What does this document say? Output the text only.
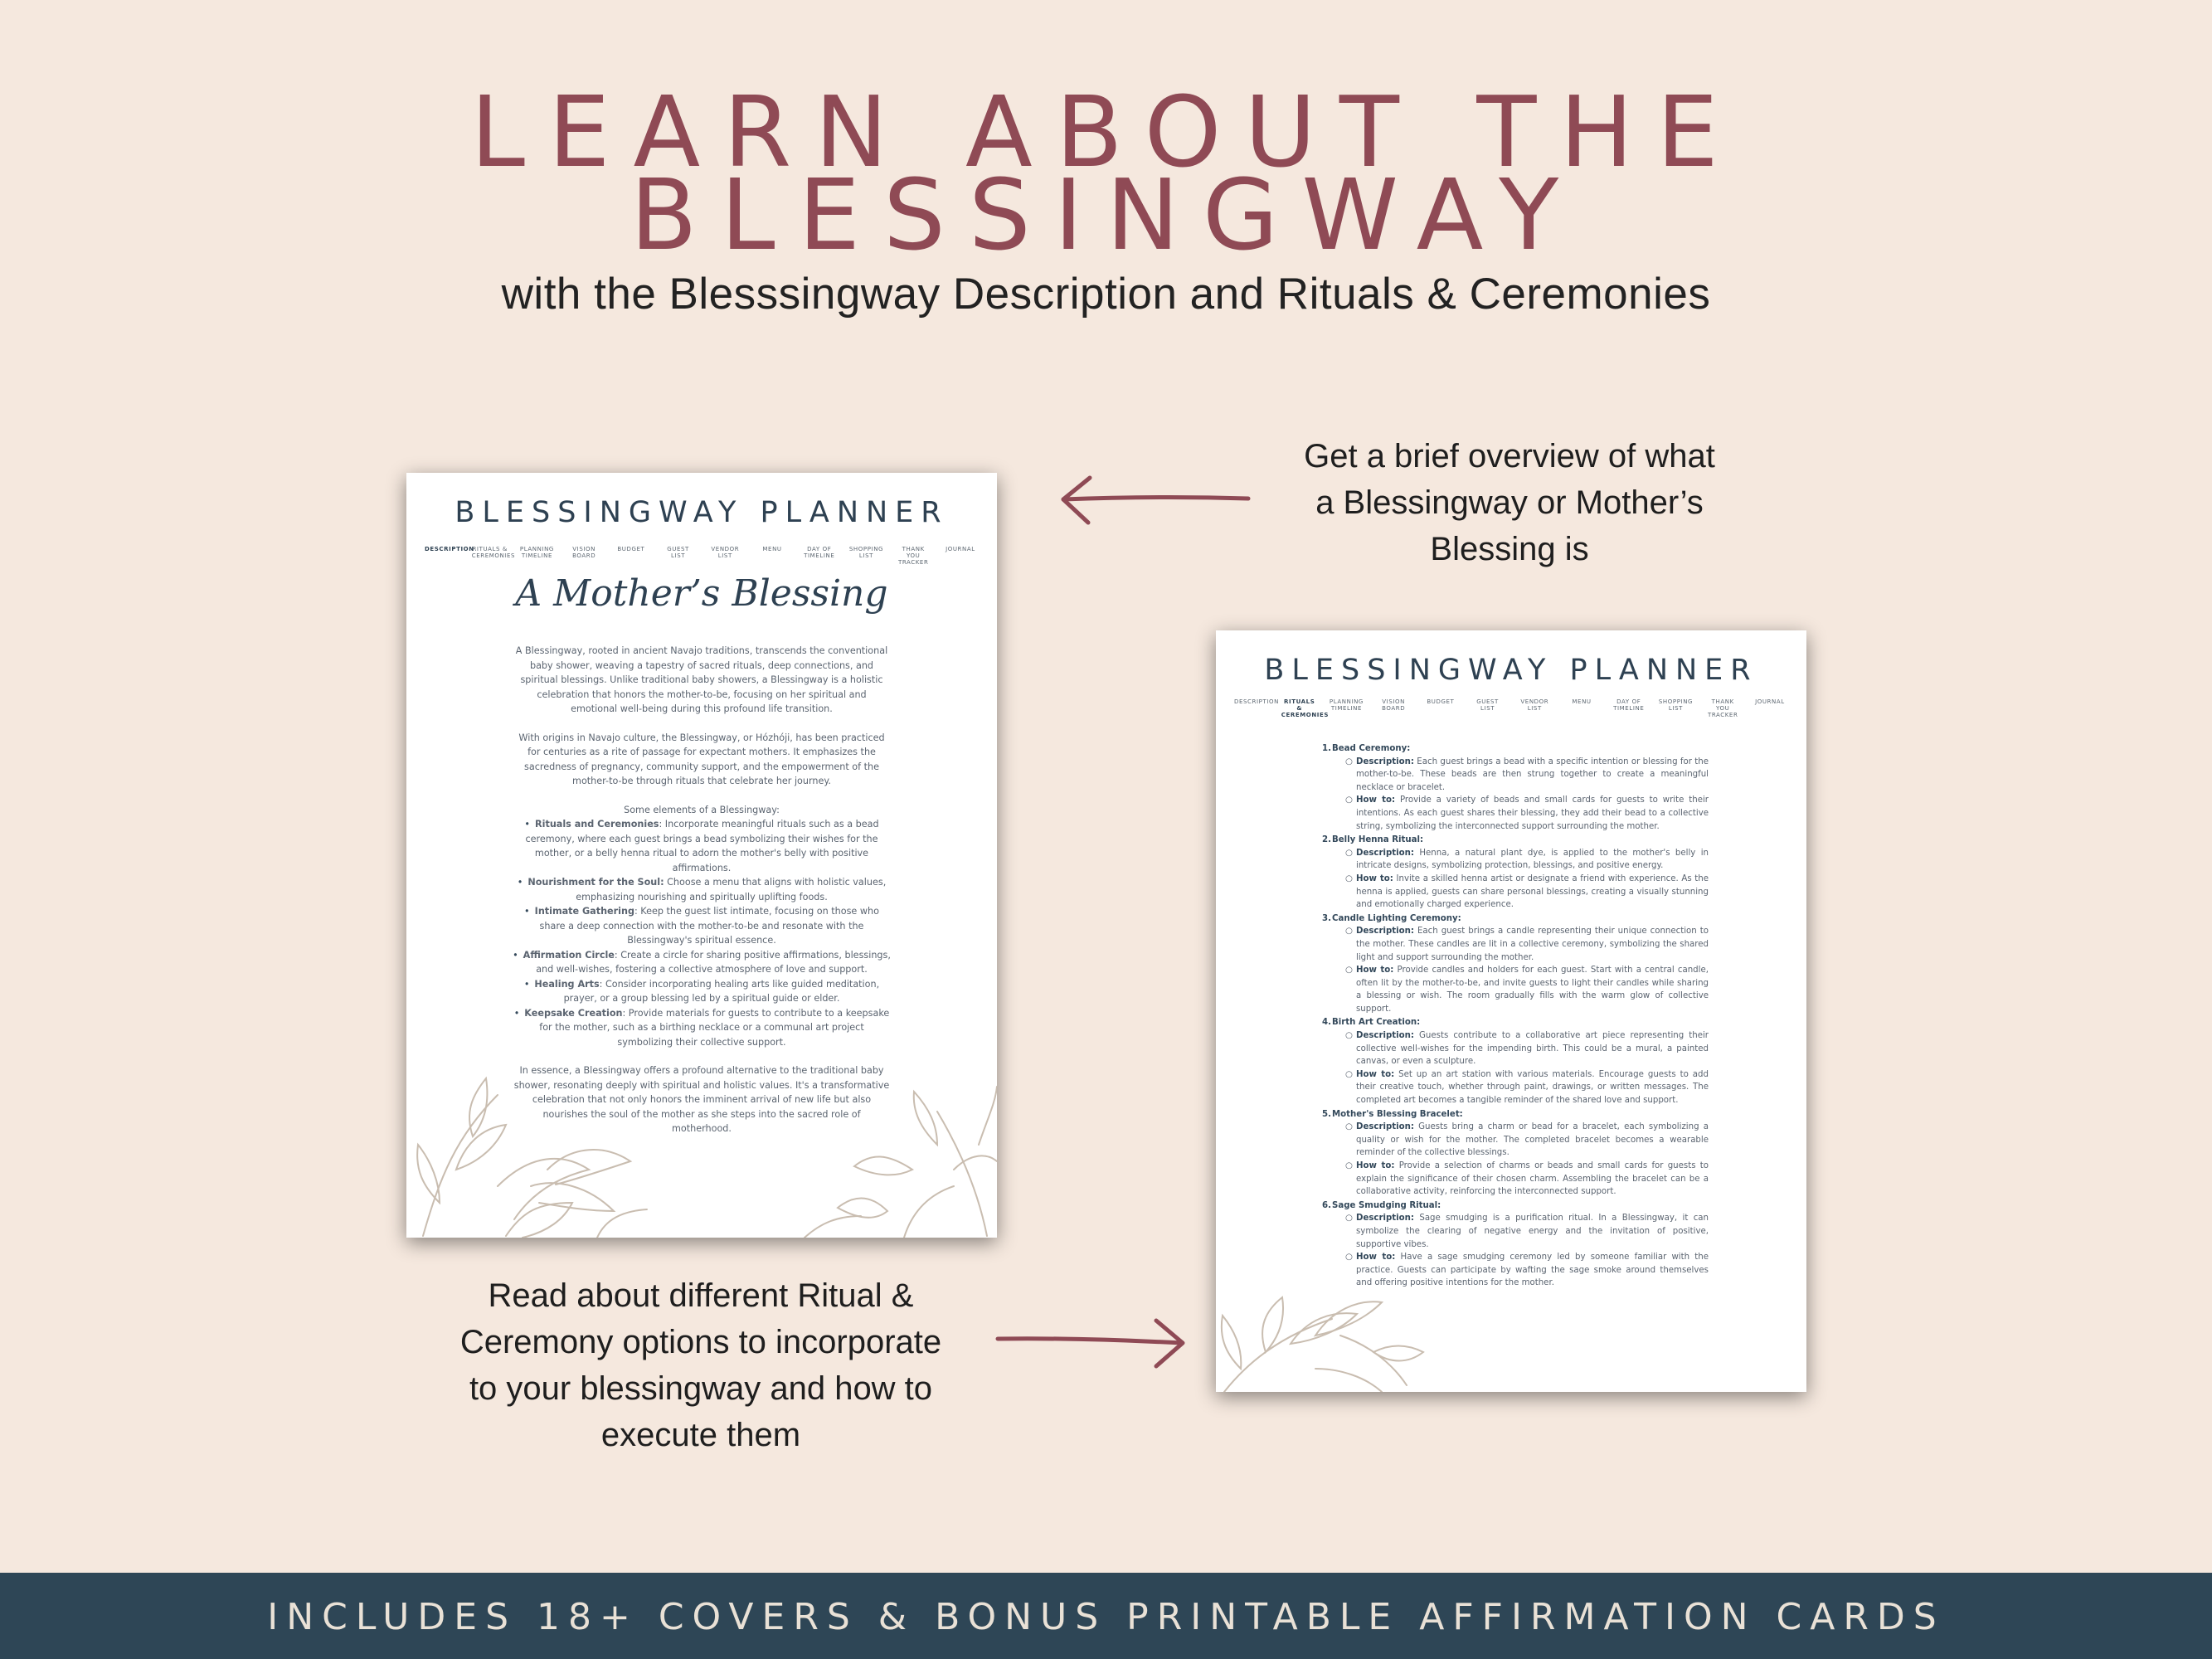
LEARN ABOUT THE
BLESSINGWAY
with the Blesssingway Description and Rituals & Ceremonies
Get a brief overview of what
a Blessingway or Mother’s
Blessing is
Read about different Ritual &
Ceremony options to incorporate
to your blessingway and how to
execute them
BLESSINGWAY PLANNER
DESCRIPTION
RITUALS &
CEREMONIES
PLANNING
TIMELINE
VISION
BOARD
BUDGET	GUEST
LIST
VENDOR
LIST
MENU	DAY OF
TIMELINE
SHOPPING
LIST
THANK
YOU
TRACKER
JOURNAL
A Mother’s Blessing

A Blessingway, rooted in ancient Navajo traditions, transcends the conventional baby shower, weaving a tapestry of sacred rituals, deep connections, and spiritual blessings. Unlike traditional baby showers, a Blessingway is a holistic celebration that honors the mother-to-be, focusing on her spiritual and emotional well-being during this profound life transition.

With origins in Navajo culture, the Blessingway, or Hózhóji, has been practiced for centuries as a rite of passage for expectant mothers. It emphasizes the sacredness of pregnancy, community support, and the empowerment of the mother-to-be through rituals that celebrate her journey.

Some elements of a Blessingway:

• Rituals and Ceremonies: Incorporate meaningful rituals such as a bead ceremony, where each guest brings a bead symbolizing their wishes for the mother, or a belly henna ritual to adorn the mother's belly with positive affirmations.
• Nourishment for the Soul: Choose a menu that aligns with holistic values, emphasizing nourishing and spiritually uplifting foods.
• Intimate Gathering: Keep the guest list intimate, focusing on those who share a deep connection with the mother-to-be and resonate with the Blessingway's spiritual essence.
• Affirmation Circle: Create a circle for sharing positive affirmations, blessings, and well-wishes, fostering a collective atmosphere of love and support.
• Healing Arts: Consider incorporating healing arts like guided meditation, prayer, or a group blessing led by a spiritual guide or elder.
• Keepsake Creation: Provide materials for guests to contribute to a keepsake for the mother, such as a birthing necklace or a communal art project symbolizing their collective support.

In essence, a Blessingway offers a profound alternative to the traditional baby shower, resonating deeply with spiritual and holistic values. It's a transformative celebration that not only honors the imminent arrival of new life but also nourishes the soul of the mother as she steps into the sacred role of motherhood.

BLESSINGWAY PLANNER
DESCRIPTION RITUALS &
CEREMONIES
PLANNING
TIMELINE
VISION
BOARD
BUDGET	GUEST
LIST
VENDOR
LIST
MENU	DAY OF
TIMELINE
SHOPPING
LIST
THANK
YOU
TRACKER
JOURNAL
1.Bead Ceremony:
○ Description: Each guest brings a bead with a specific intention or blessing for the mother-to-be. These beads are then strung together to create a meaningful necklace or bracelet.
○ How to: Provide a variety of beads and small cards for guests to write their intentions. As each guest shares their blessing, they add their bead to a collective string, symbolizing the interconnected support surrounding the mother.
2.Belly Henna Ritual:
○ Description: Henna, a natural plant dye, is applied to the mother's belly in intricate designs, symbolizing protection, blessings, and positive energy.
○ How to: Invite a skilled henna artist or designate a friend with experience. As the henna is applied, guests can share personal blessings, creating a visually stunning and emotionally charged experience.
3.Candle Lighting Ceremony:
○ Description: Each guest brings a candle representing their unique connection to the mother. These candles are lit in a collective ceremony, symbolizing the shared light and support surrounding the mother.
○ How to: Provide candles and holders for each guest. Start with a central candle, often lit by the mother-to-be, and invite guests to light their candles while sharing a blessing or wish. The room gradually fills with the warm glow of collective support.
4.Birth Art Creation:
○ Description: Guests contribute to a collaborative art piece representing their collective well-wishes for the impending birth. This could be a mural, a painted canvas, or even a sculpture.
○ How to: Set up an art station with various materials. Encourage guests to add their creative touch, whether through paint, drawings, or written messages. The completed art becomes a tangible reminder of the shared love and support.
5.Mother's Blessing Bracelet:
○ Description: Guests bring a charm or bead for a bracelet, each symbolizing a quality or wish for the mother. The completed bracelet becomes a wearable reminder of the collective blessings.
○ How to: Provide a selection of charms or beads and small cards for guests to explain the significance of their chosen charm. Assembling the bracelet can be a collaborative activity, reinforcing the interconnected support.
6.Sage Smudging Ritual:
○ Description: Sage smudging is a purification ritual. In a Blessingway, it can symbolize the clearing of negative energy and the invitation of positive, supportive vibes.
○ How to: Have a sage smudging ceremony led by someone familiar with the practice. Guests can participate by wafting the sage smoke around themselves and offering positive intentions for the mother.
INCLUDES 18+ COVERS & BONUS PRINTABLE AFFIRMATION CARDS
